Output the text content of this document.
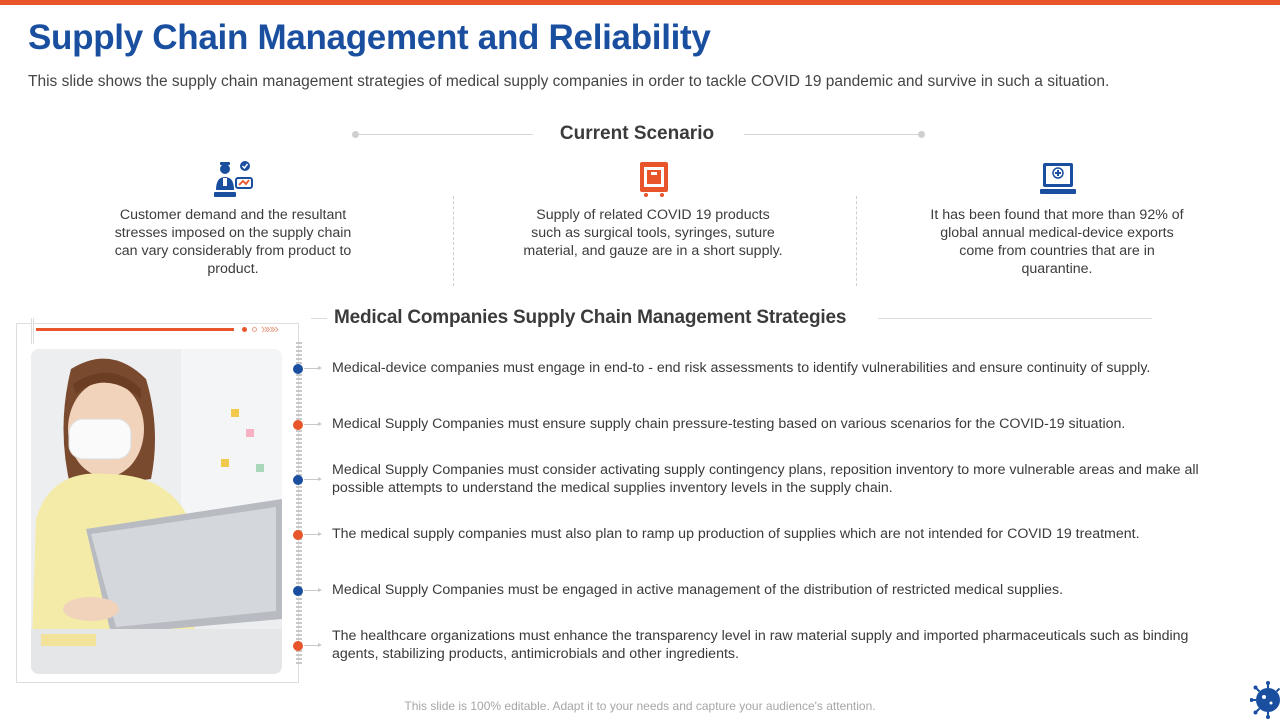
Supply Chain Management and Reliability
This slide shows the supply chain management strategies of medical supply companies in order to tackle COVID 19 pandemic and survive in such a situation.
Current Scenario
Customer demand and the resultant stresses imposed on the supply chain can vary considerably from product to product.
Supply of related COVID 19 products such as surgical tools, syringes, suture material, and gauze are in a short supply.
It has been found that more than 92% of global annual medical-device exports come from countries that are in quarantine.
Medical Companies Supply Chain Management Strategies
»»»
Medical-device companies must engage in end-to - end risk assessments to identify vulnerabilities and ensure continuity of supply.
Medical Supply Companies must ensure supply chain pressure-testing based on various scenarios for the COVID-19 situation.
Medical Supply Companies must consider activating supply contingency plans, reposition inventory to more vulnerable areas and make all possible attempts to understand the medical supplies inventory levels in the supply chain.
The medical supply companies must also plan to ramp up production of supplies which are not intended for COVID 19 treatment.
Medical Supply Companies must be engaged in active management of the distribution of restricted medical supplies.
The healthcare organizations must enhance the transparency level in raw material supply and imported pharmaceuticals such as binding agents, stabilizing products, antimicrobials and other ingredients.
This slide is 100% editable. Adapt it to your needs and capture your audience's attention.
